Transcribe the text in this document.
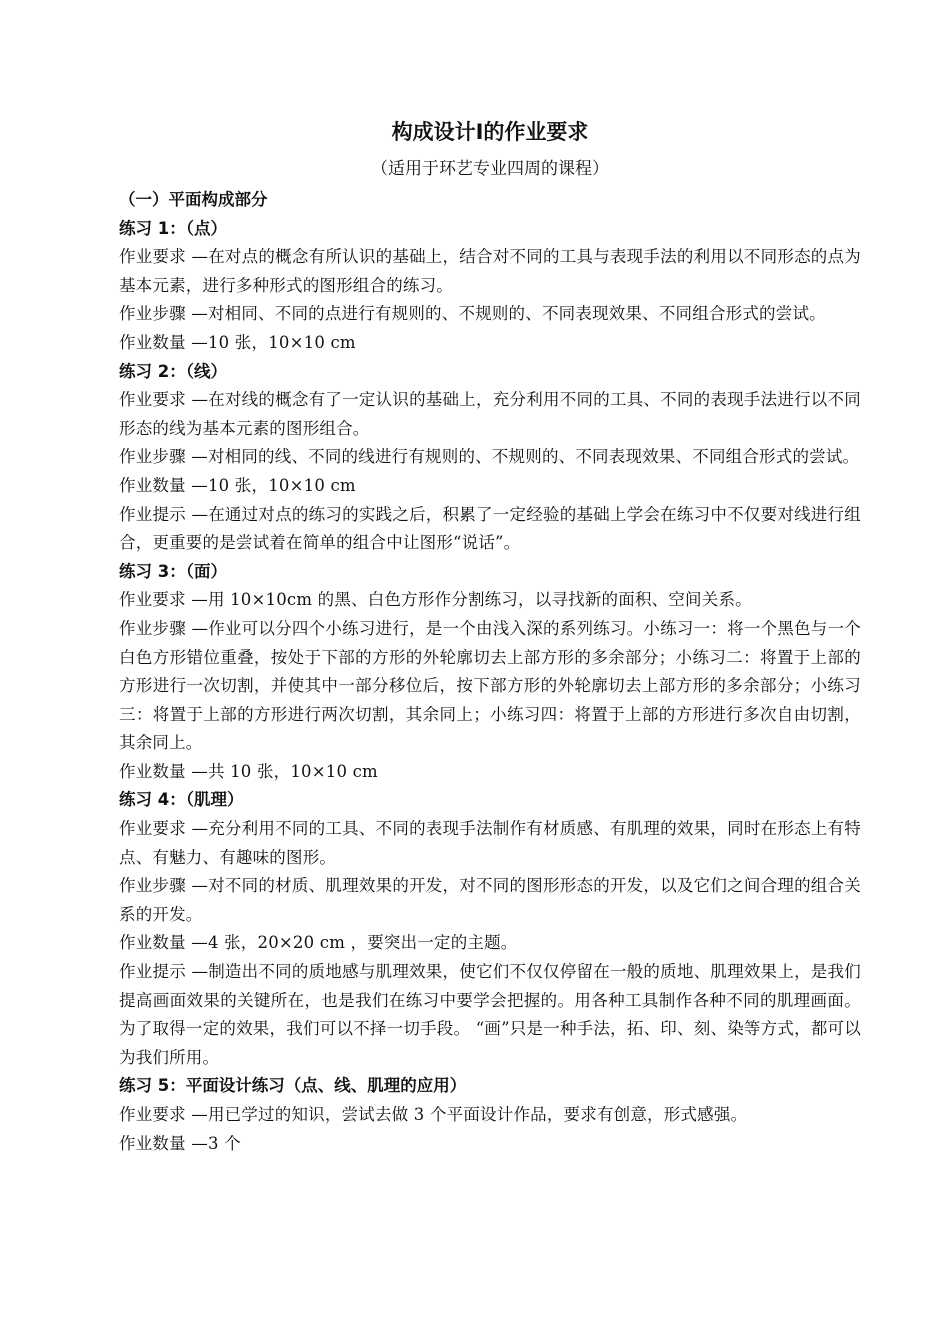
构成设计Ⅰ的作业要求
（适用于环艺专业四周的课程）
（一）平面构成部分
练习 1：（点）

作业要求 —在对点的概念有所认识的基础上，结合对不同的工具与表现手法的利用以不同形态的点为基本元素，进行多种形式的图形组合的练习。

作业步骤 —对相同、不同的点进行有规则的、不规则的、不同表现效果、不同组合形式的尝试。

作业数量 —10 张，10×10 cm

练习 2：（线）

作业要求 —在对线的概念有了一定认识的基础上，充分利用不同的工具、不同的表现手法进行以不同形态的线为基本元素的图形组合。

作业步骤 —对相同的线、不同的线进行有规则的、不规则的、不同表现效果、不同组合形式的尝试。

作业数量 —10 张，10×10 cm

作业提示 —在通过对点的练习的实践之后，积累了一定经验的基础上学会在练习中不仅要对线进行组合，更重要的是尝试着在简单的组合中让图形“说话”。

练习 3：（面）

作业要求 —用 10×10cm 的黑、白色方形作分割练习，以寻找新的面积、空间关系。

作业步骤 —作业可以分四个小练习进行，是一个由浅入深的系列练习。小练习一：将一个黑色与一个白色方形错位重叠，按处于下部的方形的外轮廓切去上部方形的多余部分；小练习二：将置于上部的方形进行一次切割，并使其中一部分移位后，按下部方形的外轮廓切去上部方形的多余部分；小练习三：将置于上部的方形进行两次切割，其余同上；小练习四：将置于上部的方形进行多次自由切割，其余同上。

作业数量 —共 10 张，10×10 cm

练习 4：（肌理）

作业要求 —充分利用不同的工具、不同的表现手法制作有材质感、有肌理的效果，同时在形态上有特点、有魅力、有趣味的图形。

作业步骤 —对不同的材质、肌理效果的开发，对不同的图形形态的开发，以及它们之间合理的组合关系的开发。

作业数量 —4 张，20×20 cm ，要突出一定的主题。

作业提示 —制造出不同的质地感与肌理效果，使它们不仅仅停留在一般的质地、肌理效果上，是我们提高画面效果的关键所在，也是我们在练习中要学会把握的。用各种工具制作各种不同的肌理画面。为了取得一定的效果，我们可以不择一切手段。 “画”只是一种手法，拓、印、刻、染等方式，都可以为我们所用。

练习 5：平面设计练习（点、线、肌理的应用）

作业要求 —用已学过的知识，尝试去做 3 个平面设计作品，要求有创意，形式感强。

作业数量 —3 个
